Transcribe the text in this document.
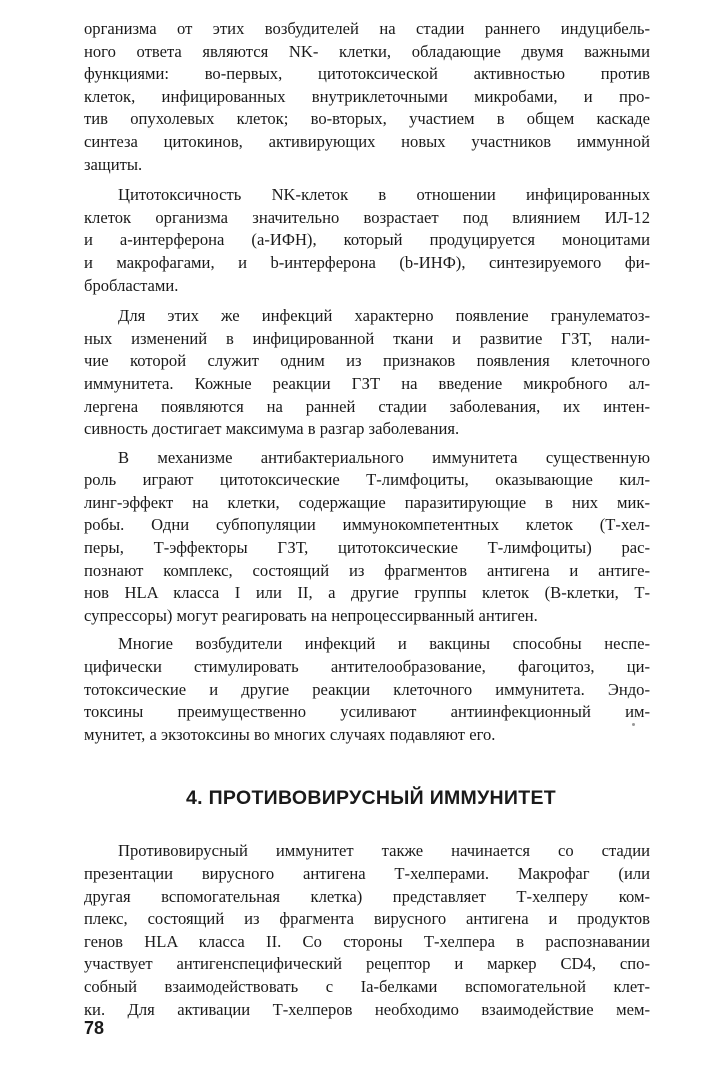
организма от этих возбудителей на стадии раннего индуцибель-
ного ответа являются NK- клетки, обладающие двумя важными
функциями: во-первых, цитотоксической активностью против
клеток, инфицированных внутриклеточными микробами, и про-
тив опухолевых клеток; во-вторых, участием в общем каскаде
синтеза цитокинов, активирующих новых участников иммунной
защиты.
Цитотоксичность NK-клеток в отношении инфицированных
клеток организма значительно возрастает под влиянием ИЛ-12
и а-интерферона (а-ИФН), который продуцируется моноцитами
и макрофагами, и b-интерферона (b-ИНФ), синтезируемого фи-
бробластами.
Для этих же инфекций характерно появление гранулематоз-
ных изменений в инфицированной ткани и развитие ГЗТ, нали-
чие которой служит одним из признаков появления клеточного
иммунитета. Кожные реакции ГЗТ на введение микробного ал-
лергена появляются на ранней стадии заболевания, их интен-
сивность достигает максимума в разгар заболевания.
В механизме антибактериального иммунитета существенную
роль играют цитотоксические Т-лимфоциты, оказывающие кил-
линг-эффект на клетки, содержащие паразитирующие в них мик-
робы. Одни субпопуляции иммунокомпетентных клеток (Т-хел-
перы, Т-эффекторы ГЗТ, цитотоксические Т-лимфоциты) рас-
познают комплекс, состоящий из фрагментов антигена и антиге-
нов HLA класса I или II, а другие группы клеток (В-клетки, Т-
супрессоры) могут реагировать на непроцессирванный антиген.
Многие возбудители инфекций и вакцины способны неспе-
цифически стимулировать антителообразование, фагоцитоз, ци-
тотоксические и другие реакции клеточного иммунитета. Эндо-
токсины преимущественно усиливают антиинфекционный им-
мунитет, а экзотоксины во многих случаях подавляют его.
4. ПРОТИВОВИРУСНЫЙ ИММУНИТЕТ
Противовирусный иммунитет также начинается со стадии
презентации вирусного антигена Т-хелперами. Макрофаг (или
другая вспомогательная клетка) представляет Т-хелперу ком-
плекс, состоящий из фрагмента вирусного антигена и продуктов
генов HLA класса II. Со стороны Т-хелпера в распознавании
участвует антигенспецифический рецептор и маркер CD4, спо-
собный взаимодействовать с Ia-белками вспомогательной клет-
ки. Для активации Т-хелперов необходимо взаимодействие мем-
78
